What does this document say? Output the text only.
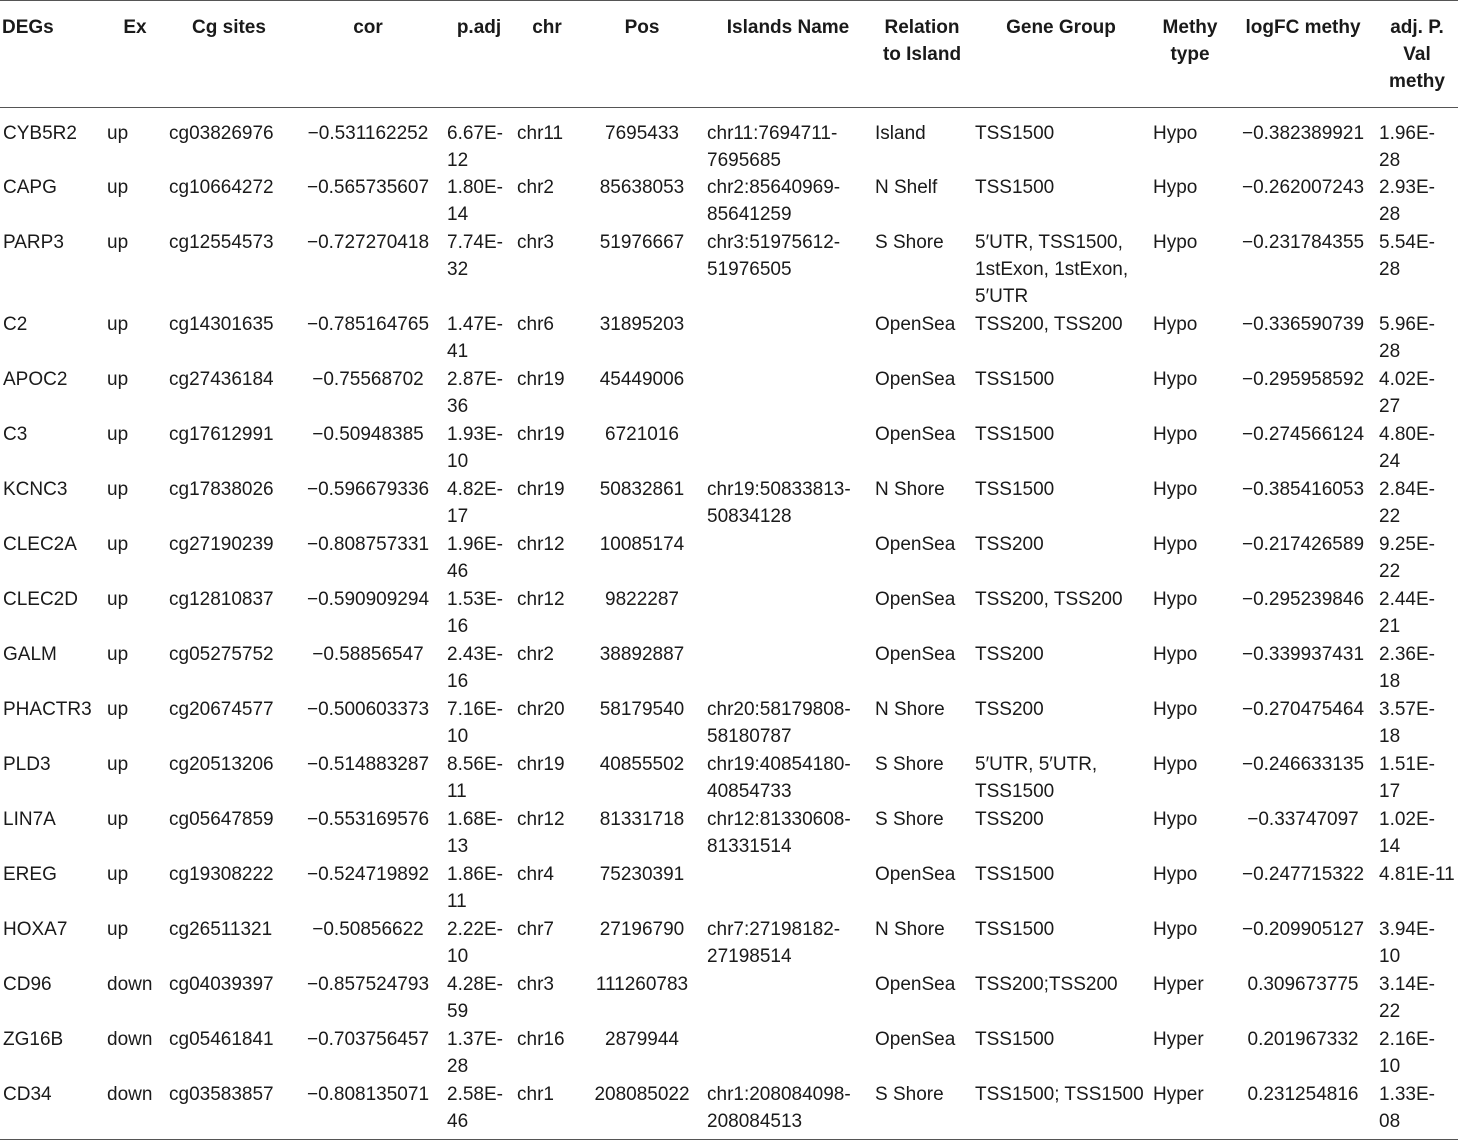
DEGs	Ex	Cg sites	cor	p.adj	chr	Pos	Islands Name	Relation to Island	Gene Group	Methy type	logFC methy	adj. P. Val methy
CYB5R2	up	cg03826976	−0.531162252	6.67E-12	chr11	7695433	chr11:7694711-7695685	Island	TSS1500	Hypo	−0.382389921	1.96E-28
CAPG	up	cg10664272	−0.565735607	1.80E-14	chr2	85638053	chr2:85640969-85641259	N Shelf	TSS1500	Hypo	−0.262007243	2.93E-28
PARP3	up	cg12554573	−0.727270418	7.74E-32	chr3	51976667	chr3:51975612-51976505	S Shore	5′UTR, TSS1500, 1stExon, 1stExon, 5′UTR	Hypo	−0.231784355	5.54E-28
C2	up	cg14301635	−0.785164765	1.47E-41	chr6	31895203		OpenSea	TSS200, TSS200	Hypo	−0.336590739	5.96E-28
APOC2	up	cg27436184	−0.75568702	2.87E-36	chr19	45449006		OpenSea	TSS1500	Hypo	−0.295958592	4.02E-27
C3	up	cg17612991	−0.50948385	1.93E-10	chr19	6721016		OpenSea	TSS1500	Hypo	−0.274566124	4.80E-24
KCNC3	up	cg17838026	−0.596679336	4.82E-17	chr19	50832861	chr19:50833813-50834128	N Shore	TSS1500	Hypo	−0.385416053	2.84E-22
CLEC2A	up	cg27190239	−0.808757331	1.96E-46	chr12	10085174		OpenSea	TSS200	Hypo	−0.217426589	9.25E-22
CLEC2D	up	cg12810837	−0.590909294	1.53E-16	chr12	9822287		OpenSea	TSS200, TSS200	Hypo	−0.295239846	2.44E-21
GALM	up	cg05275752	−0.58856547	2.43E-16	chr2	38892887		OpenSea	TSS200	Hypo	−0.339937431	2.36E-18
PHACTR3	up	cg20674577	−0.500603373	7.16E-10	chr20	58179540	chr20:58179808-58180787	N Shore	TSS200	Hypo	−0.270475464	3.57E-18
PLD3	up	cg20513206	−0.514883287	8.56E-11	chr19	40855502	chr19:40854180-40854733	S Shore	5′UTR, 5′UTR, TSS1500	Hypo	−0.246633135	1.51E-17
LIN7A	up	cg05647859	−0.553169576	1.68E-13	chr12	81331718	chr12:81330608-81331514	S Shore	TSS200	Hypo	−0.33747097	1.02E-14
EREG	up	cg19308222	−0.524719892	1.86E-11	chr4	75230391		OpenSea	TSS1500	Hypo	−0.247715322	4.81E-11
HOXA7	up	cg26511321	−0.50856622	2.22E-10	chr7	27196790	chr7:27198182-27198514	N Shore	TSS1500	Hypo	−0.209905127	3.94E-10
CD96	down	cg04039397	−0.857524793	4.28E-59	chr3	111260783		OpenSea	TSS200;TSS200	Hyper	0.309673775	3.14E-22
ZG16B	down	cg05461841	−0.703756457	1.37E-28	chr16	2879944		OpenSea	TSS1500	Hyper	0.201967332	2.16E-10
CD34	down	cg03583857	−0.808135071	2.58E-46	chr1	208085022	chr1:208084098-208084513	S Shore	TSS1500; TSS1500	Hyper	0.231254816	1.33E-08
